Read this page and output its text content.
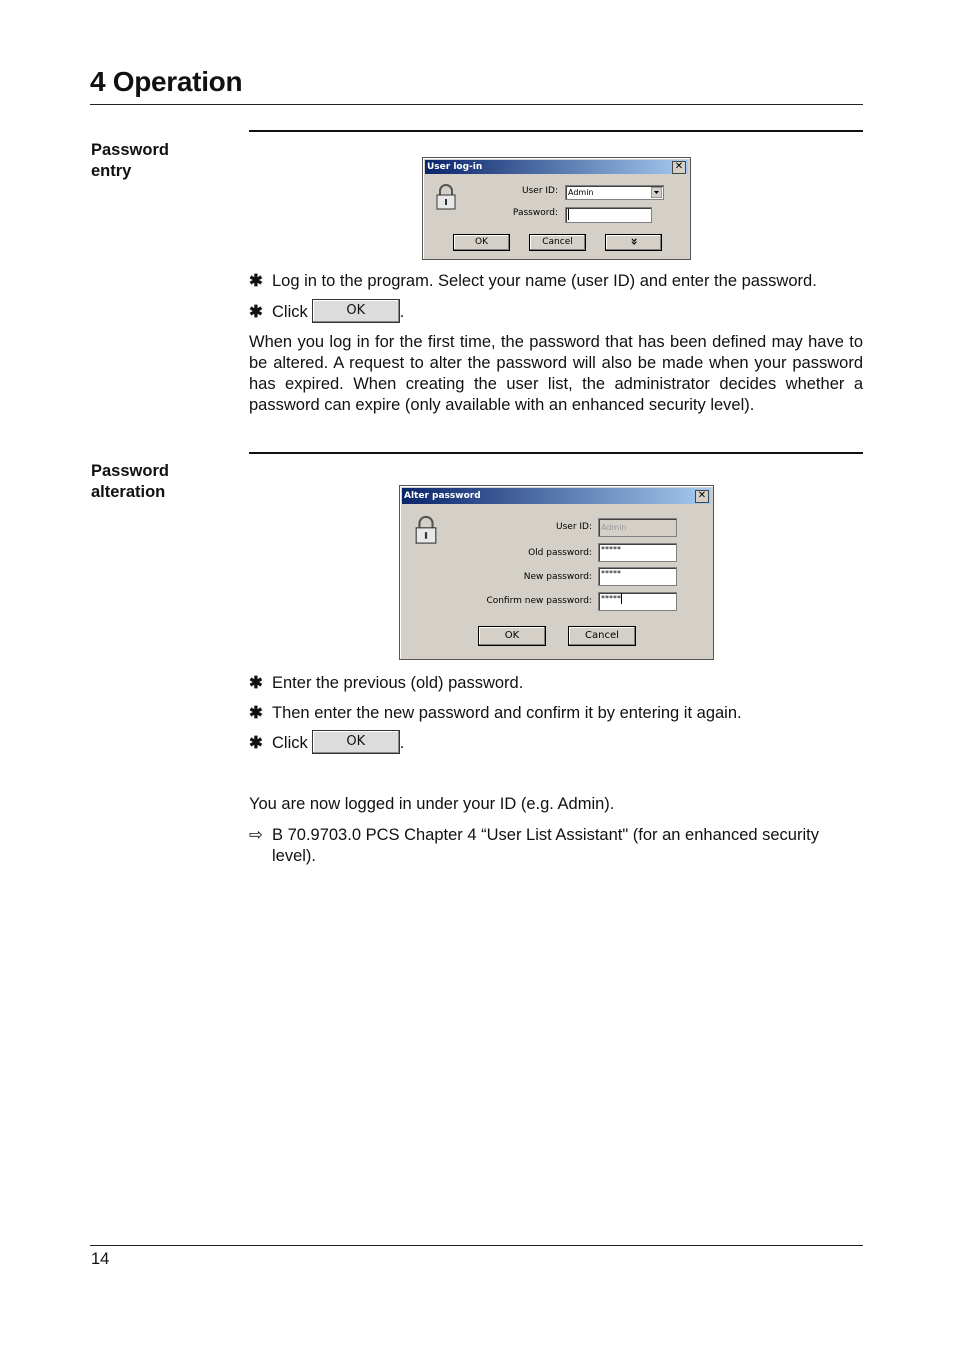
4 Operation
Password
entry	User log-in	✕
User ID:	Admin
Password:
OK	Cancel	»
✱ Log in to the program. Select your name (user ID) and enter the password.
✱ Click	OK .
When you log in for the first time, the password that has been defined may have to be altered. A request to alter the password will also be made when your password has expired. When creating the user list, the administrator decides whether a password can expire (only available with an enhanced security level).
Password
alteration	Alter password	✕
User ID:	Admin
Old password:	*****
New password:	*****
Confirm new password:	*****
OK	Cancel
✱ Enter the previous (old) password.
✱ Then enter the new password and confirm it by entering it again.
✱ Click	OK .
You are now logged in under your ID (e.g. Admin).
⇨ B 70.9703.0 PCS Chapter 4 “User List Assistant" (for an enhanced security level).
14
